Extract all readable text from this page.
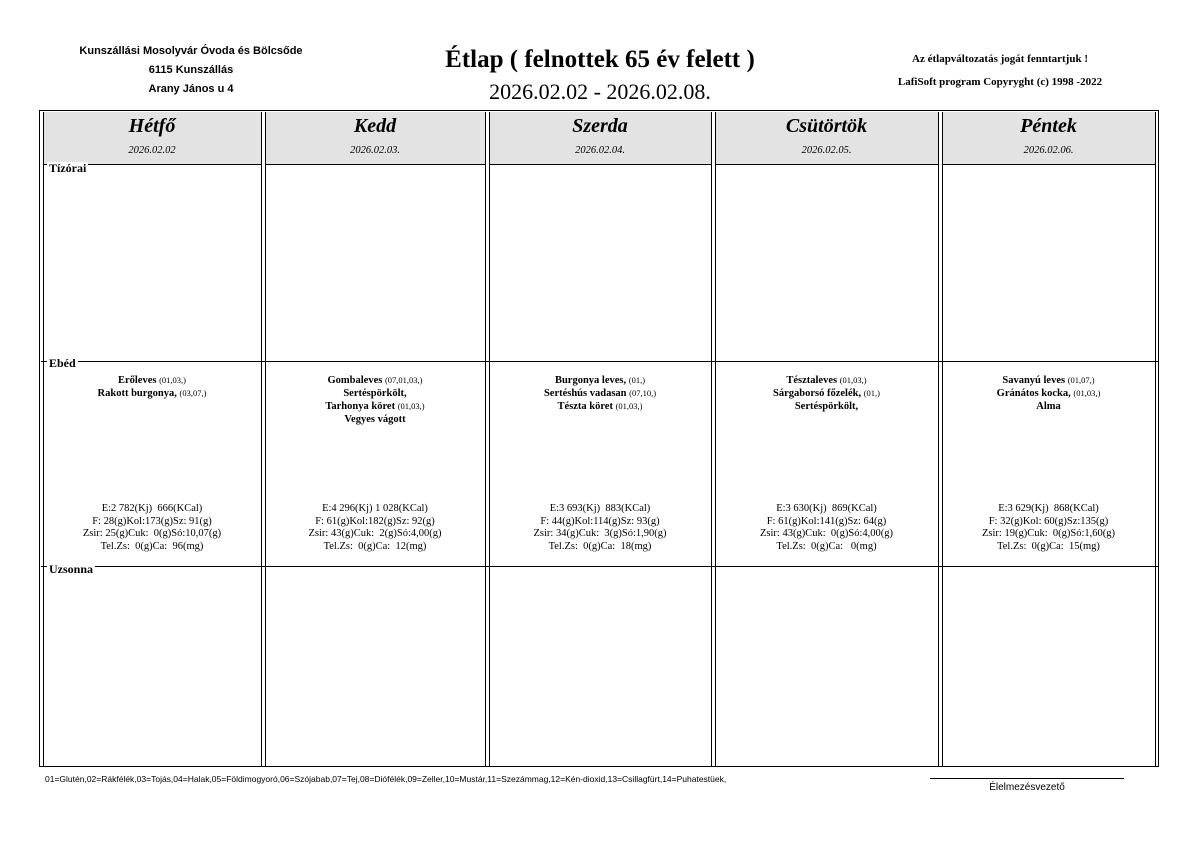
Kunszállási Mosolyvár Óvoda és Bölcsőde
6115 Kunszállás
Arany János u 4
Étlap ( felnottek 65 év felett )
2026.02.02 - 2026.02.08.
Az étlapváltozatás jogát fenntartjuk !
LafiSoft program Copyryght (c) 1998 -2022
Hétfő
2026.02.02
Erőleves (01,03,)
Rakott burgonya, (03,07,)
E:2 782(Kj)  666(KCal)
F: 28(g)Kol:173(g)Sz: 91(g)
Zsir: 25(g)Cuk:  0(g)Só:10,07(g)
Tel.Zs:  0(g)Ca:  96(mg)
Kedd
2026.02.03.
Gombaleves (07,01,03,)
Sertéspörkölt,
Tarhonya köret (01,03,)
Vegyes vágott
E:4 296(Kj) 1 028(KCal)
F: 61(g)Kol:182(g)Sz: 92(g)
Zsir: 43(g)Cuk:  2(g)Só:4,00(g)
Tel.Zs:  0(g)Ca:  12(mg)
Szerda
2026.02.04.
Burgonya leves, (01,)
Sertéshús vadasan (07,10,)
Tészta köret (01,03,)
E:3 693(Kj)  883(KCal)
F: 44(g)Kol:114(g)Sz: 93(g)
Zsir: 34(g)Cuk:  3(g)Só:1,90(g)
Tel.Zs:  0(g)Ca:  18(mg)
Csütörtök
2026.02.05.
Tésztaleves (01,03,)
Sárgaborsó főzelék, (01,)
Sertéspörkölt,
E:3 630(Kj)  869(KCal)
F: 61(g)Kol:141(g)Sz: 64(g)
Zsir: 43(g)Cuk:  0(g)Só:4,00(g)
Tel.Zs:  0(g)Ca:   0(mg)
Péntek
2026.02.06.
Savanyú leves (01,07,)
Gránátos kocka, (01,03,)
Alma
E:3 629(Kj)  868(KCal)
F: 32(g)Kol: 60(g)Sz:135(g)
Zsir: 19(g)Cuk:  0(g)Só:1,60(g)
Tel.Zs:  0(g)Ca:  15(mg)
Tízórai
Ebéd
Uzsonna
01=Glutén,02=Rákfélék,03=Tojás,04=Halak,05=Földimogyoró,06=Szójabab,07=Tej,08=Diófélék,09=Zeller,10=Mustár,11=Szezámmag,12=Kén-dioxid,13=Csillagfürt,14=Puhatestüek,
Élelmezésvezető
